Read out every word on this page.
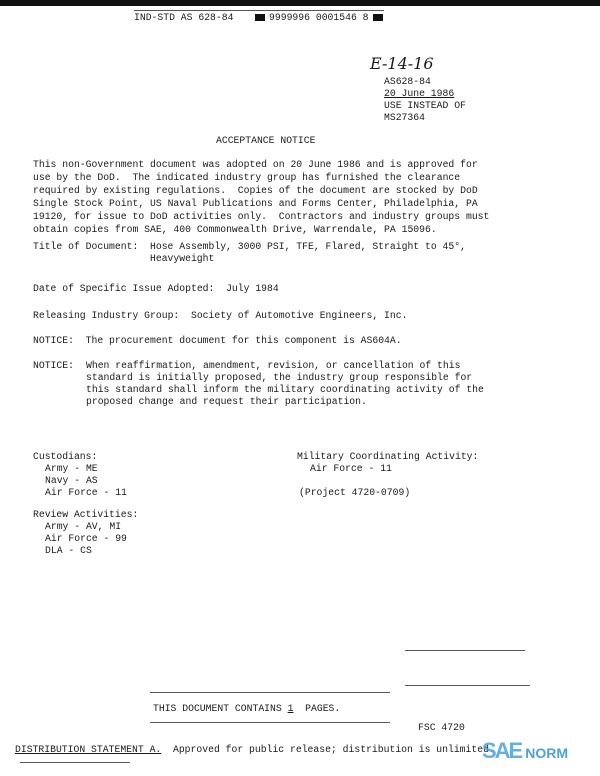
IND-STD AS 628-84	9999996 0001546 8
E-14-16
AS628-84
20 June 1986
USE INSTEAD OF
MS27364
ACCEPTANCE NOTICE
This non-Government document was adopted on 20 June 1986 and is approved for
use by the DoD.  The indicated industry group has furnished the clearance
required by existing regulations.  Copies of the document are stocked by DoD
Single Stock Point, US Naval Publications and Forms Center, Philadelphia, PA
19120, for issue to DoD activities only.  Contractors and industry groups must
obtain copies from SAE, 400 Commonwealth Drive, Warrendale, PA 15096.
Title of Document: Hose Assembly, 3000 PSI, TFE, Flared, Straight to 45°,
Heavyweight
Date of Specific Issue Adopted:  July 1984
Releasing Industry Group:  Society of Automotive Engineers, Inc.
NOTICE:  The procurement document for this component is AS604A.
NOTICE: When reaffirmation, amendment, revision, or cancellation of this
standard is initially proposed, the industry group responsible for
this standard shall inform the military coordinating activity of the
proposed change and request their participation.
Custodians:
Army - ME
Navy - AS
Air Force - 11
Review Activities:
Army - AV, MI
Air Force - 99
DLA - CS
Military Coordinating Activity:
Air Force - 11
(Project 4720-0709)
THIS DOCUMENT CONTAINS 1 PAGES.
FSC 4720
DISTRIBUTION STATEMENT A. Approved for public release; distribution is unlimited.
SAE NORM
